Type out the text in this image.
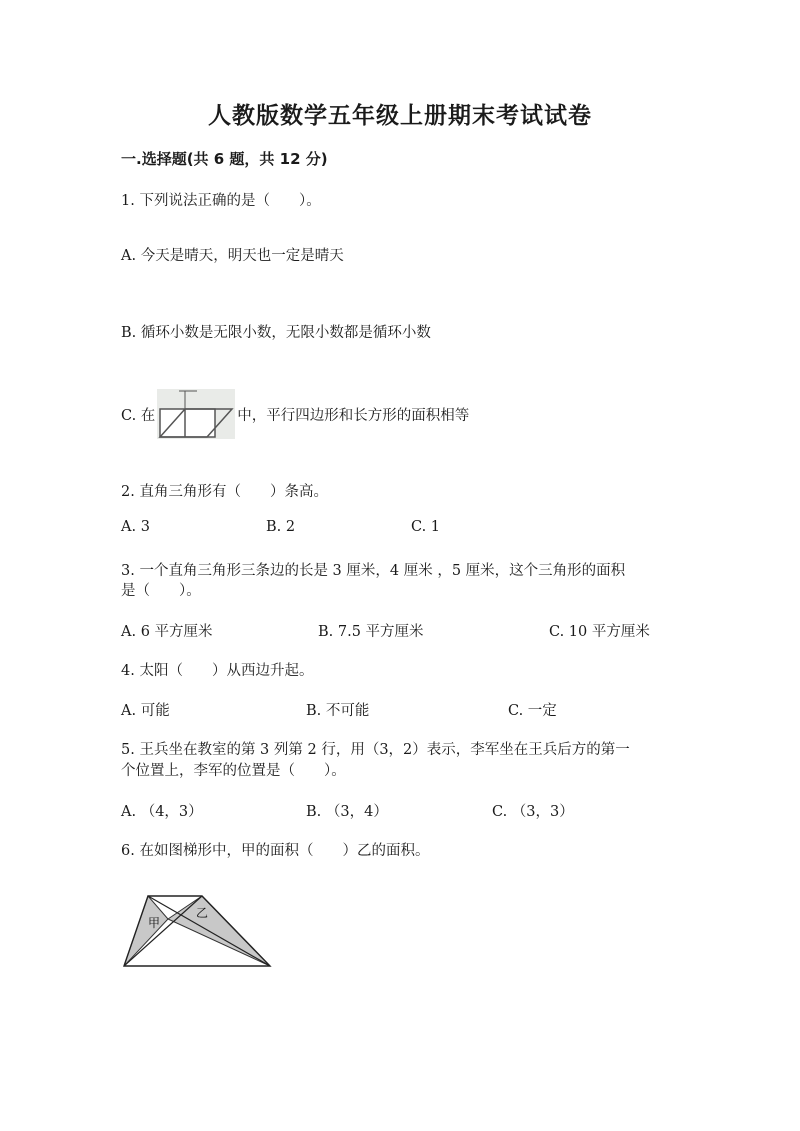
人教版数学五年级上册期末考试试卷
一.选择题(共 6 题，共 12 分)
1. 下列说法正确的是（　　）。
A. 今天是晴天，明天也一定是晴天
B. 循环小数是无限小数，无限小数都是循环小数
C. 在	中，平行四边形和长方形的面积相等
2. 直角三角形有（　　）条高。
A. 3	B. 2	C. 1
3. 一个直角三角形三条边的长是 3 厘米，4 厘米 ，5 厘米，这个三角形的面积
是（　　）。
A. 6 平方厘米	B. 7.5 平方厘米	C. 10 平方厘米
4. 太阳（　　）从西边升起。
A. 可能	B. 不可能	C. 一定
5. 王兵坐在教室的第 3 列第 2 行，用（3，2）表示，李军坐在王兵后方的第一
个位置上，李军的位置是（　　）。
A. （4，3）	B. （3，4）	C. （3，3）
6. 在如图梯形中，甲的面积（　　）乙的面积。
甲
乙
